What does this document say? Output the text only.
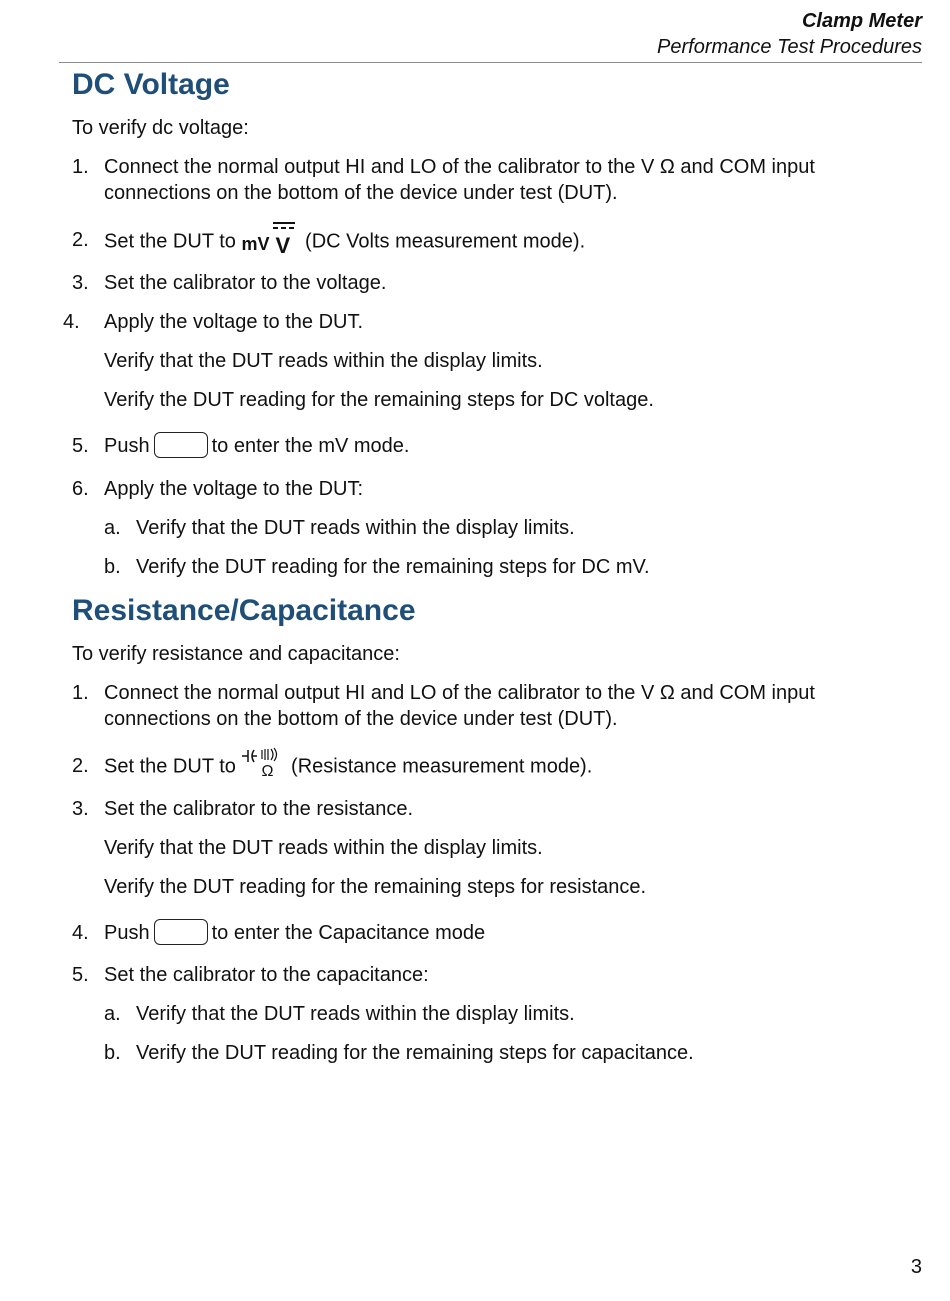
Clamp Meter
Performance Test Procedures
DC Voltage
To verify dc voltage:
1. Connect the normal output HI and LO of the calibrator to the V Ω and COM input
connections on the bottom of the device under test (DUT).
2. Set the DUT to mV V (DC Volts measurement mode).
3. Set the calibrator to the voltage.
4. Apply the voltage to the DUT.
Verify that the DUT reads within the display limits.
Verify the DUT reading for the remaining steps for DC voltage.
5. Push	to enter the mV mode.
6. Apply the voltage to the DUT:
a. Verify that the DUT reads within the display limits.
b. Verify the DUT reading for the remaining steps for DC mV.
Resistance/Capacitance
To verify resistance and capacitance:
1. Connect the normal output HI and LO of the calibrator to the V Ω and COM input
connections on the bottom of the device under test (DUT).
2. Set the DUT to Ω (Resistance measurement mode).
3. Set the calibrator to the resistance.
Verify that the DUT reads within the display limits.
Verify the DUT reading for the remaining steps for resistance.
4. Push	to enter the Capacitance mode
5. Set the calibrator to the capacitance:
a. Verify that the DUT reads within the display limits.
b. Verify the DUT reading for the remaining steps for capacitance.
3
